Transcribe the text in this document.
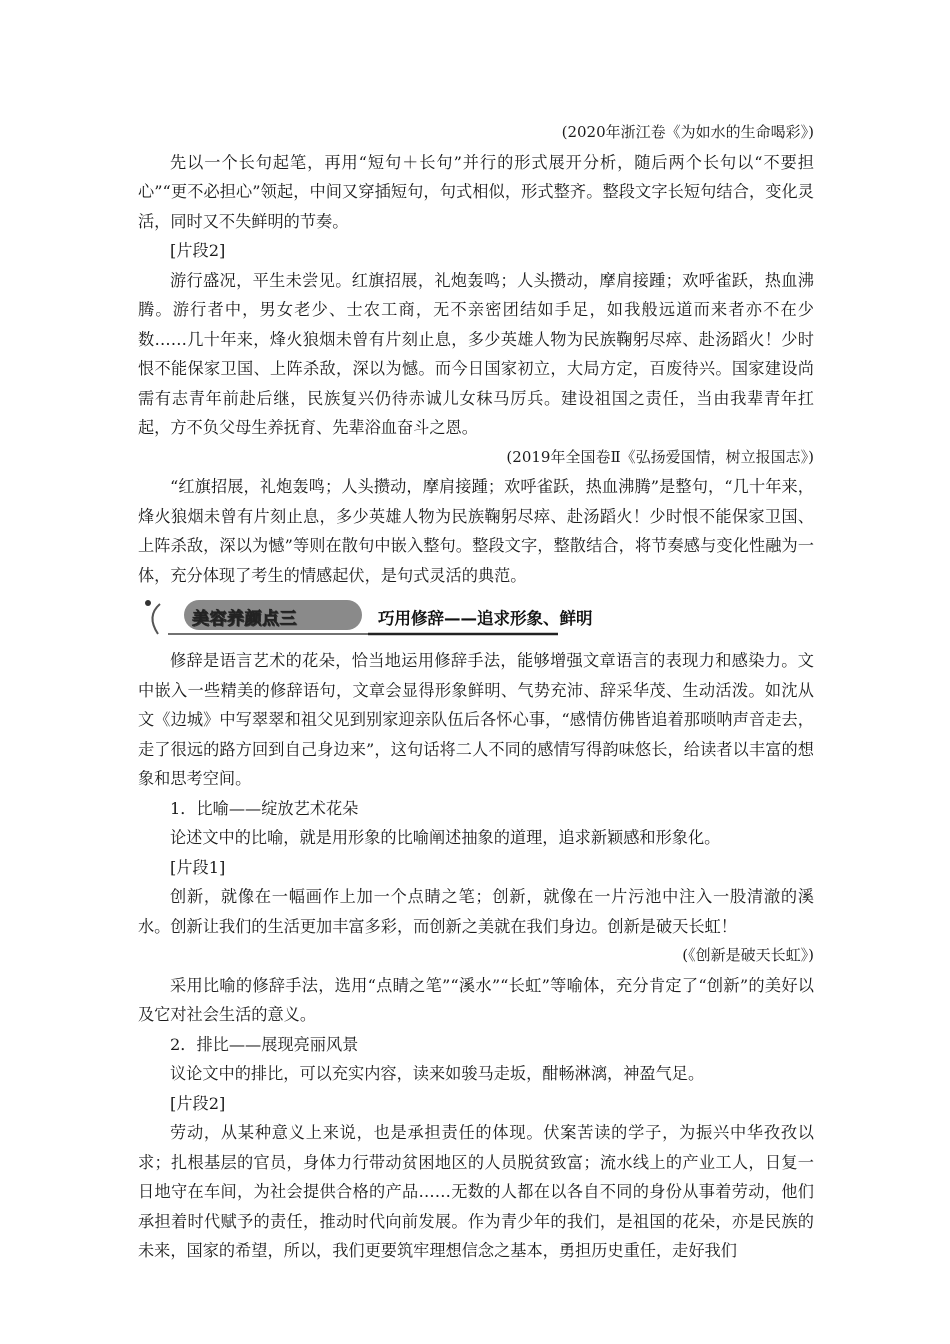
(2020年浙江卷《为如水的生命喝彩》)

先以一个长句起笔，再用“短句＋长句”并行的形式展开分析，随后两个长句以“不要担心”“更不必担心”领起，中间又穿插短句，句式相似，形式整齐。整段文字长短句结合，变化灵活，同时又不失鲜明的节奏。

[片段2]

游行盛况，平生未尝见。红旗招展，礼炮轰鸣；人头攒动，摩肩接踵；欢呼雀跃，热血沸腾。游行者中，男女老少、士农工商，无不亲密团结如手足，如我般远道而来者亦不在少数……几十年来，烽火狼烟未曾有片刻止息，多少英雄人物为民族鞠躬尽瘁、赴汤蹈火！少时恨不能保家卫国、上阵杀敌，深以为憾。而今日国家初立，大局方定，百废待兴。国家建设尚需有志青年前赴后继，民族复兴仍待赤诚儿女秣马厉兵。建设祖国之责任，当由我辈青年扛起，方不负父母生养抚育、先辈浴血奋斗之恩。

(2019年全国卷Ⅱ《弘扬爱国情，树立报国志》)

“红旗招展，礼炮轰鸣；人头攒动，摩肩接踵；欢呼雀跃，热血沸腾”是整句，“几十年来，烽火狼烟未曾有片刻止息，多少英雄人物为民族鞠躬尽瘁、赴汤蹈火！少时恨不能保家卫国、上阵杀敌，深以为憾”等则在散句中嵌入整句。整段文字，整散结合，将节奏感与变化性融为一体，充分体现了考生的情感起伏，是句式灵活的典范。

美容养颜点三	巧用修辞——追求形象、鲜明

修辞是语言艺术的花朵，恰当地运用修辞手法，能够增强文章语言的表现力和感染力。文中嵌入一些精美的修辞语句，文章会显得形象鲜明、气势充沛、辞采华茂、生动活泼。如沈从文《边城》中写翠翠和祖父见到别家迎亲队伍后各怀心事，“感情仿佛皆追着那唢呐声音走去，走了很远的路方回到自己身边来”，这句话将二人不同的感情写得韵味悠长，给读者以丰富的想象和思考空间。

1．比喻——绽放艺术花朵

论述文中的比喻，就是用形象的比喻阐述抽象的道理，追求新颖感和形象化。

[片段1]

创新，就像在一幅画作上加一个点睛之笔；创新，就像在一片污池中注入一股清澈的溪水。创新让我们的生活更加丰富多彩，而创新之美就在我们身边。创新是破天长虹！

(《创新是破天长虹》)

采用比喻的修辞手法，选用“点睛之笔”“溪水”“长虹”等喻体，充分肯定了“创新”的美好以及它对社会生活的意义。

2．排比——展现亮丽风景

议论文中的排比，可以充实内容，读来如骏马走坂，酣畅淋漓，神盈气足。

[片段2]

劳动，从某种意义上来说，也是承担责任的体现。伏案苦读的学子，为振兴中华孜孜以求；扎根基层的官员，身体力行带动贫困地区的人员脱贫致富；流水线上的产业工人，日复一日地守在车间，为社会提供合格的产品……无数的人都在以各自不同的身份从事着劳动，他们承担着时代赋予的责任，推动时代向前发展。作为青少年的我们，是祖国的花朵，亦是民族的未来，国家的希望，所以，我们更要筑牢理想信念之基本，勇担历史重任，走好我们
